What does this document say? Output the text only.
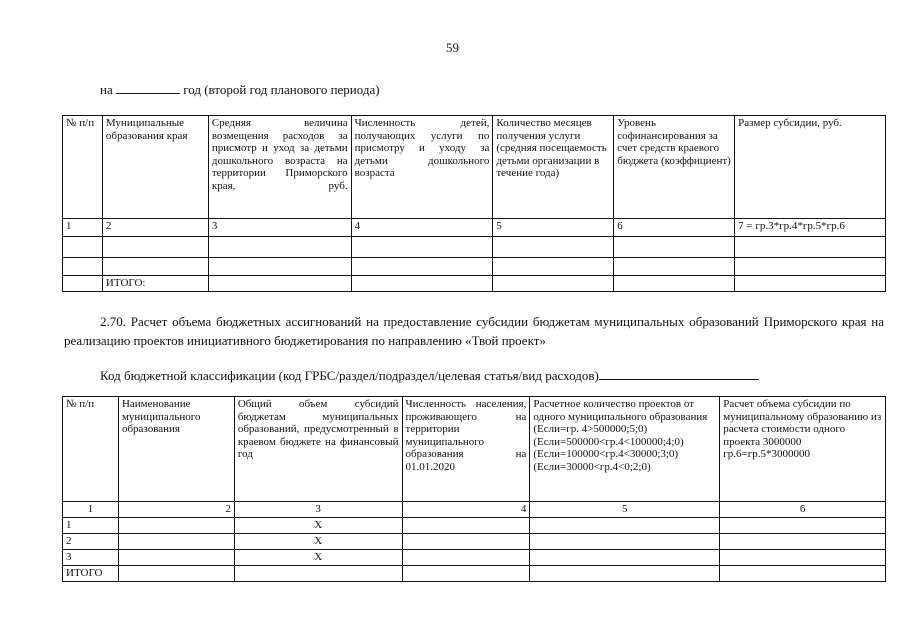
59
на	год (второй год планового периода)
№ п/п	Муниципальные образования края	Средняя величина возмещения расходов за присмотр и уход за детьми дошкольного возраста на территории Приморского края, руб.	Численность детей, получающих услуги по присмотру и уходу за детьми дошкольного возраста	Количество месяцев получения услуги (средняя посещаемость детьми организации в течение года)	Уровень софинансирования за счет средств краевого бюджета (коэффициент)	Размер субсидии, руб.
1	2	3	4	5	6	7 = гр.3*гр.4*гр.5*гр.6

	ИТОГО:					
2.70. Расчет объема бюджетных ассигнований на предоставление субсидии бюджетам муниципальных образований Приморского края на реализацию проектов инициативного бюджетирования по направлению «Твой проект»
Код бюджетной классификации (код ГРБС/раздел/подраздел/целевая статья/вид расходов)
№ п/п	Наименование муниципального образования	Общий объем субсидий бюджетам муниципальных образований, предусмотренный в краевом бюджете на финансовый год	Численность населения, проживающего на территории муниципального образования на 01.01.2020	Расчетное количество проектов от одного муниципального образования (Если=гр. 4>500000;5;0) (Если=500000<гр.4<100000;4;0) (Если=100000<гр.4<30000;3;0) (Если=30000<гр.4<0;2;0)	Расчет объема субсидии по муниципальному образованию из расчета стоимости одного проекта 3000000 гр.6=гр.5*3000000
1	2	3	4	5	6
1		X			
2		X			
3		X			
ИТОГО					
